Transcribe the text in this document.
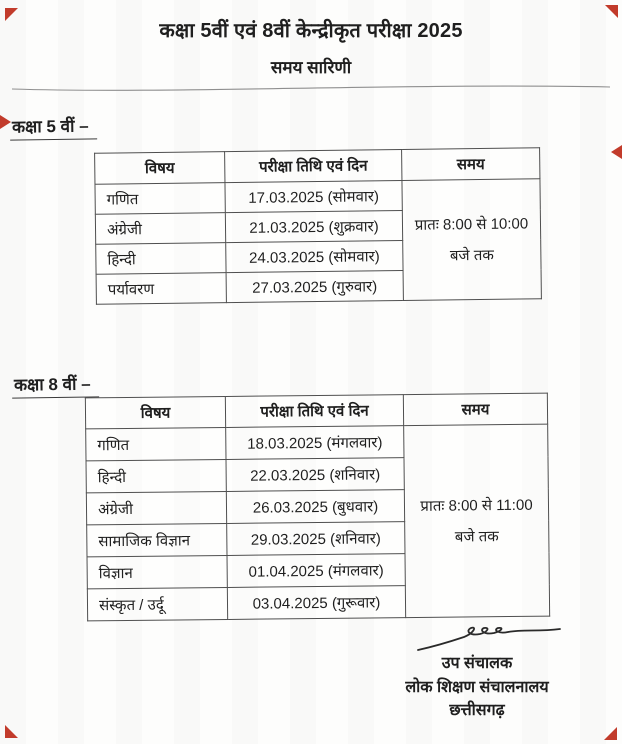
कक्षा 5वीं एवं 8वीं केन्द्रीकृत परीक्षा 2025
समय सारिणी
कक्षा 5 वीं –
विषय	परीक्षा तिथि एवं दिन	समय
गणित	17.03.2025 (सोमवार)	प्रातः 8:00 से 10:00
बजे तक

अंग्रेजी	21.03.2025 (शुक्रवार)	
हिन्दी	24.03.2025 (सोमवार)	
पर्यावरण	27.03.2025 (गुरुवार)	
कक्षा 8 वीं –
विषय	परीक्षा तिथि एवं दिन	समय
गणित	18.03.2025 (मंगलवार)	प्रातः 8:00 से 11:00
बजे तक

हिन्दी	22.03.2025 (शनिवार)	
अंग्रेजी	26.03.2025 (बुधवार)	
सामाजिक विज्ञान	29.03.2025 (शनिवार)	
विज्ञान	01.04.2025 (मंगलवार)	
संस्कृत / उर्दू	03.04.2025 (गुरूवार)	
उप संचालक
लोक शिक्षण संचालनालय
छत्तीसगढ़
